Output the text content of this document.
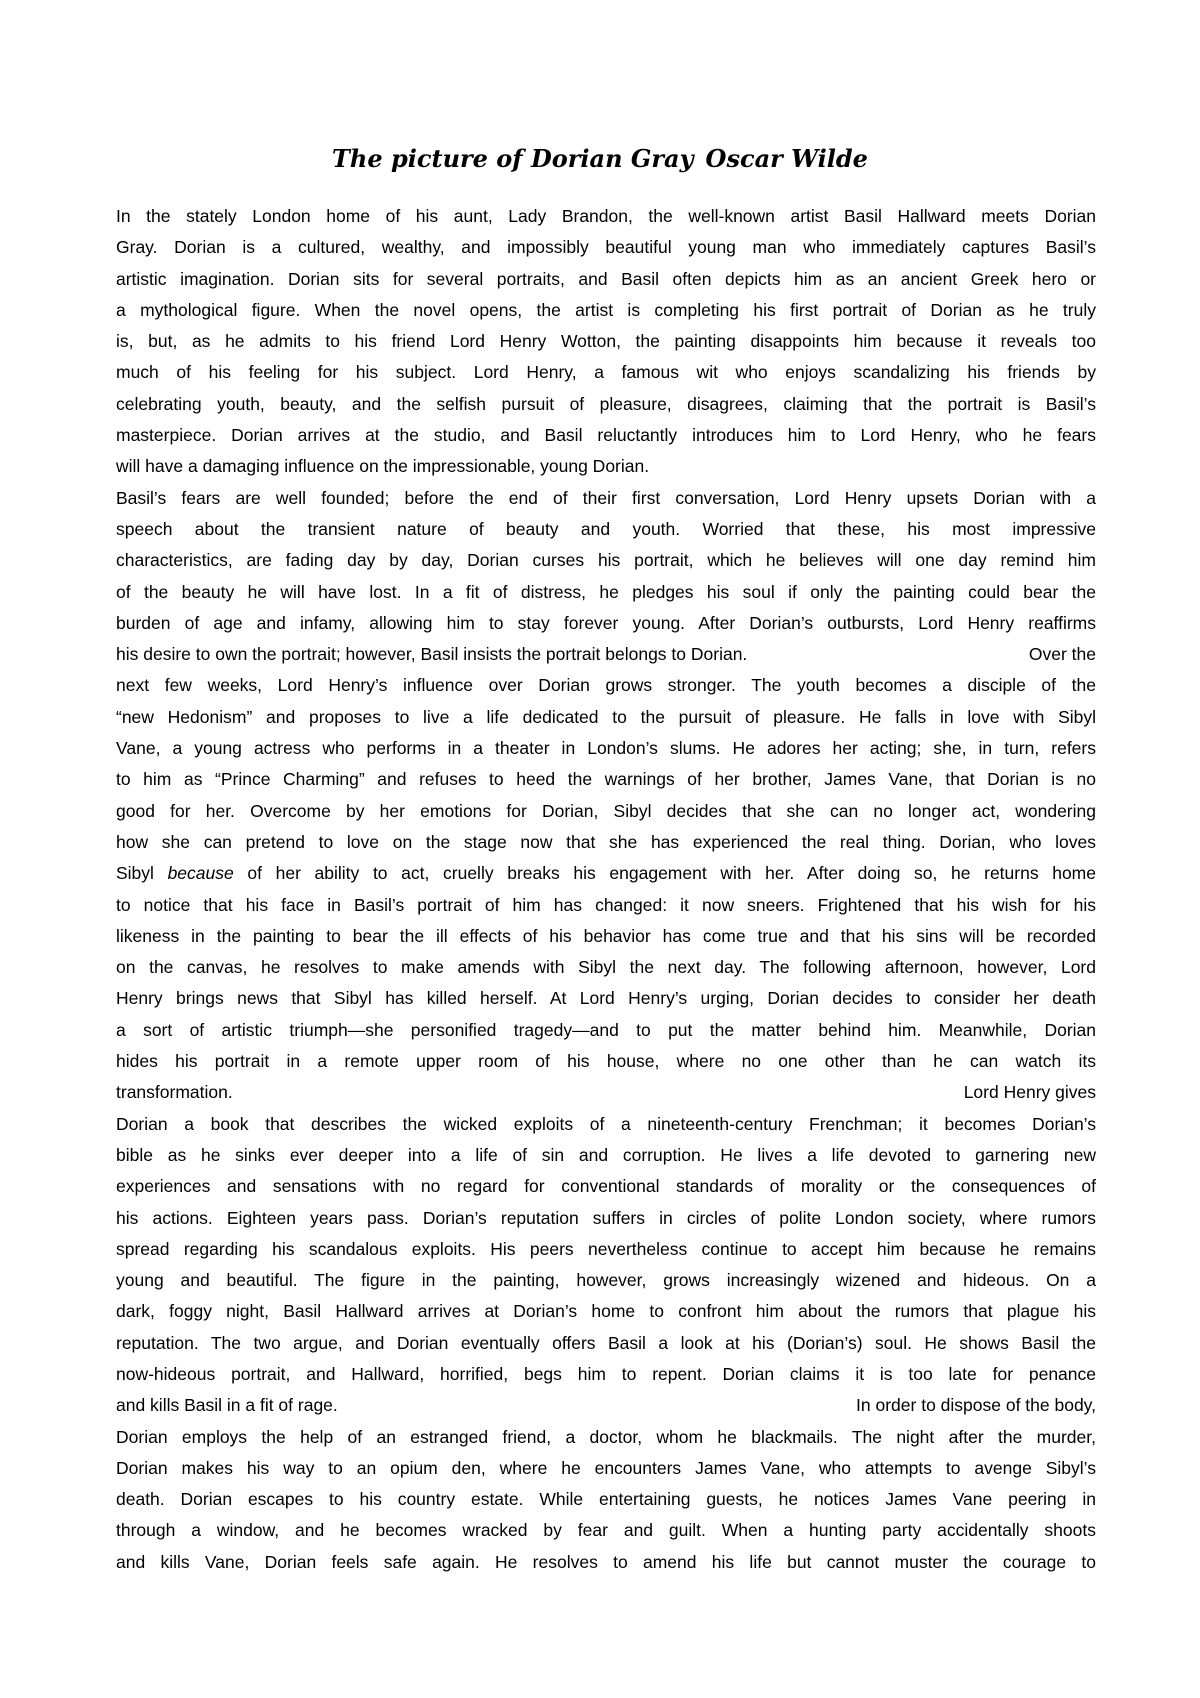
The picture of Dorian Gray Oscar Wilde
In the stately London home of his aunt, Lady Brandon, the well-known artist Basil Hallward meets Dorian
Gray. Dorian is a cultured, wealthy, and impossibly beautiful young man who immediately captures Basil’s
artistic imagination. Dorian sits for several portraits, and Basil often depicts him as an ancient Greek hero or
a mythological figure. When the novel opens, the artist is completing his first portrait of Dorian as he truly
is, but, as he admits to his friend Lord Henry Wotton, the painting disappoints him because it reveals too
much of his feeling for his subject. Lord Henry, a famous wit who enjoys scandalizing his friends by
celebrating youth, beauty, and the selfish pursuit of pleasure, disagrees, claiming that the portrait is Basil’s
masterpiece. Dorian arrives at the studio, and Basil reluctantly introduces him to Lord Henry, who he fears
will have a damaging influence on the impressionable, young Dorian.
Basil’s fears are well founded; before the end of their first conversation, Lord Henry upsets Dorian with a
speech about the transient nature of beauty and youth. Worried that these, his most impressive
characteristics, are fading day by day, Dorian curses his portrait, which he believes will one day remind him
of the beauty he will have lost. In a fit of distress, he pledges his soul if only the painting could bear the
burden of age and infamy, allowing him to stay forever young. After Dorian’s outbursts, Lord Henry reaffirms
his desire to own the portrait; however, Basil insists the portrait belongs to Dorian.	Over the
next few weeks, Lord Henry’s influence over Dorian grows stronger. The youth becomes a disciple of the
“new Hedonism” and proposes to live a life dedicated to the pursuit of pleasure. He falls in love with Sibyl
Vane, a young actress who performs in a theater in London’s slums. He adores her acting; she, in turn, refers
to him as “Prince Charming” and refuses to heed the warnings of her brother, James Vane, that Dorian is no
good for her. Overcome by her emotions for Dorian, Sibyl decides that she can no longer act, wondering
how she can pretend to love on the stage now that she has experienced the real thing. Dorian, who loves
Sibyl because of her ability to act, cruelly breaks his engagement with her. After doing so, he returns home
to notice that his face in Basil’s portrait of him has changed: it now sneers. Frightened that his wish for his
likeness in the painting to bear the ill effects of his behavior has come true and that his sins will be recorded
on the canvas, he resolves to make amends with Sibyl the next day. The following afternoon, however, Lord
Henry brings news that Sibyl has killed herself. At Lord Henry’s urging, Dorian decides to consider her death
a sort of artistic triumph—she personified tragedy—and to put the matter behind him. Meanwhile, Dorian
hides his portrait in a remote upper room of his house, where no one other than he can watch its
transformation.	Lord Henry gives
Dorian a book that describes the wicked exploits of a nineteenth-century Frenchman; it becomes Dorian’s
bible as he sinks ever deeper into a life of sin and corruption. He lives a life devoted to garnering new
experiences and sensations with no regard for conventional standards of morality or the consequences of
his actions. Eighteen years pass. Dorian’s reputation suffers in circles of polite London society, where rumors
spread regarding his scandalous exploits. His peers nevertheless continue to accept him because he remains
young and beautiful. The figure in the painting, however, grows increasingly wizened and hideous. On a
dark, foggy night, Basil Hallward arrives at Dorian’s home to confront him about the rumors that plague his
reputation. The two argue, and Dorian eventually offers Basil a look at his (Dorian’s) soul. He shows Basil the
now-hideous portrait, and Hallward, horrified, begs him to repent. Dorian claims it is too late for penance
and kills Basil in a fit of rage.	In order to dispose of the body,
Dorian employs the help of an estranged friend, a doctor, whom he blackmails. The night after the murder,
Dorian makes his way to an opium den, where he encounters James Vane, who attempts to avenge Sibyl’s
death. Dorian escapes to his country estate. While entertaining guests, he notices James Vane peering in
through a window, and he becomes wracked by fear and guilt. When a hunting party accidentally shoots
and kills Vane, Dorian feels safe again. He resolves to amend his life but cannot muster the courage to
